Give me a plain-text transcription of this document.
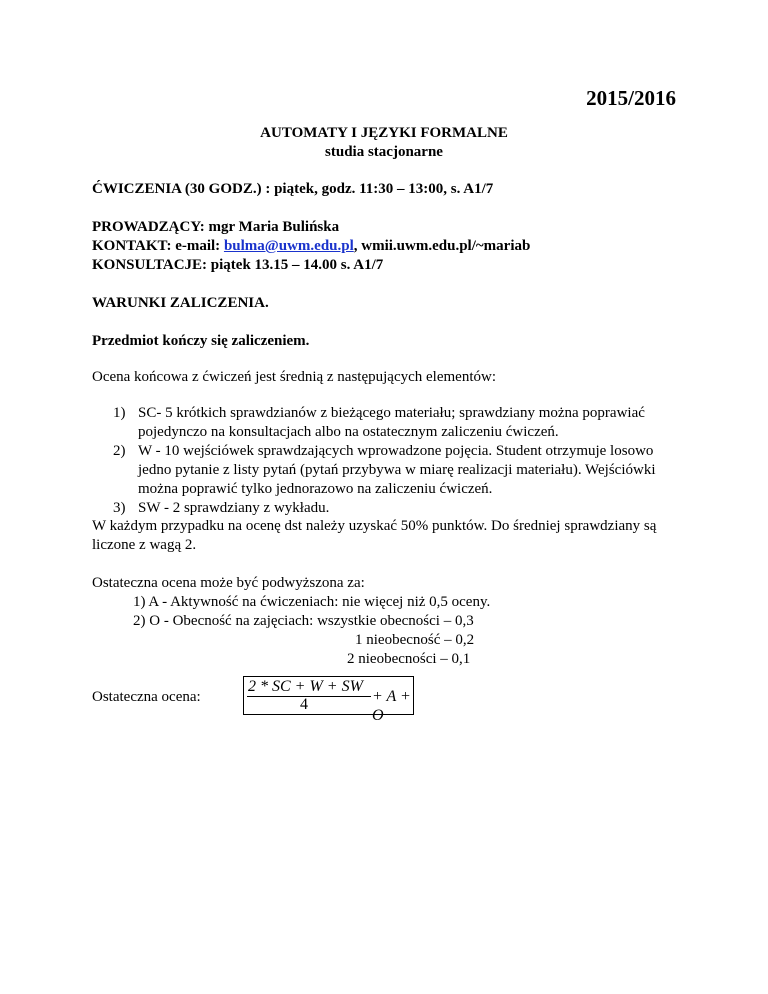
2015/2016
AUTOMATY I JĘZYKI FORMALNE
studia stacjonarne
ĆWICZENIA (30 GODZ.) : piątek, godz. 11:30 – 13:00, s. A1/7
PROWADZĄCY: mgr Maria Bulińska
KONTAKT: e-mail: bulma@uwm.edu.pl, wmii.uwm.edu.pl/~mariab
KONSULTACJE: piątek 13.15 – 14.00 s. A1/7
WARUNKI ZALICZENIA.
Przedmiot kończy się zaliczeniem.
Ocena końcowa z ćwiczeń jest średnią z następujących elementów:
1) SC- 5 krótkich sprawdzianów z bieżącego materiału; sprawdziany można poprawiać pojedynczo na konsultacjach albo na ostatecznym zaliczeniu ćwiczeń.
2) W - 10 wejściówek sprawdzających wprowadzone pojęcia. Student otrzymuje losowo jedno pytanie z listy pytań (pytań przybywa w miarę realizacji materiału). Wejściówki można poprawić tylko jednorazowo na zaliczeniu ćwiczeń.
3) SW - 2 sprawdziany z wykładu.
W każdym przypadku na ocenę dst należy uzyskać 50% punktów. Do średniej sprawdziany są
liczone z wagą 2.
Ostateczna ocena może być podwyższona za:
1) A - Aktywność na ćwiczeniach: nie więcej niż 0,5 oceny.
2) O - Obecność na zajęciach: wszystkie obecności – 0,3
1 nieobecność – 0,2
2 nieobecności – 0,1
Ostateczna ocena:
2 * SC + W + SW
4	+ A + O
